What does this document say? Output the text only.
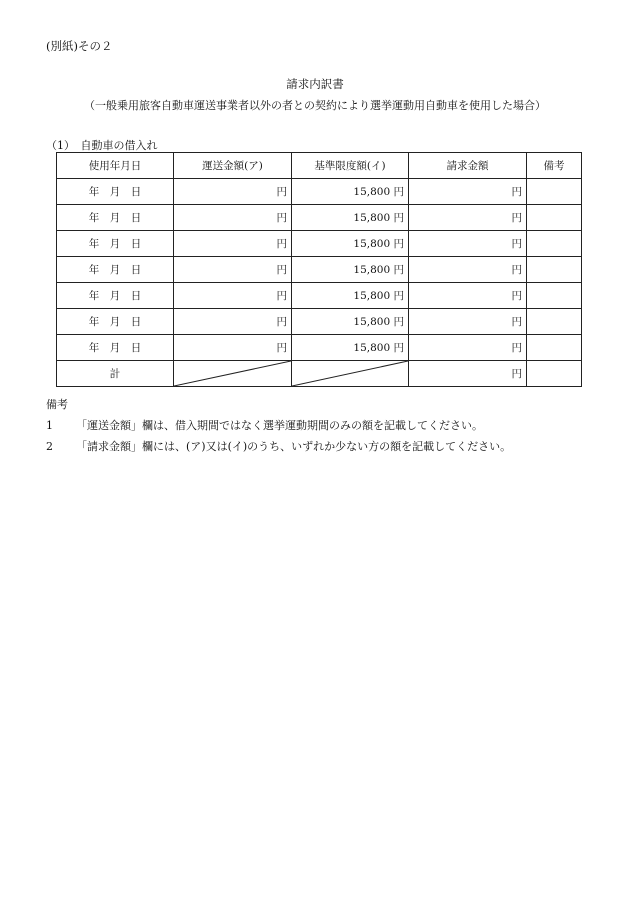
(別紙)その２
請求内訳書
（一般乗用旅客自動車運送事業者以外の者との契約により選挙運動用自動車を使用した場合）
（1）　自動車の借入れ
使用年月日	運送金額(ア)	基準限度額(イ)	請求金額	備考
年　月　日	円	15,800 円	円	
年　月　日	円	15,800 円	円	
年　月　日	円	15,800 円	円	
年　月　日	円	15,800 円	円	
年　月　日	円	15,800 円	円	
年　月　日	円	15,800 円	円	
年　月　日	円	15,800 円	円	
計			円	
備考
1 「運送金額」欄は、借入期間ではなく選挙運動期間のみの額を記載してください。
2 「請求金額」欄には、(ア)又は(イ)のうち、いずれか少ない方の額を記載してください。
